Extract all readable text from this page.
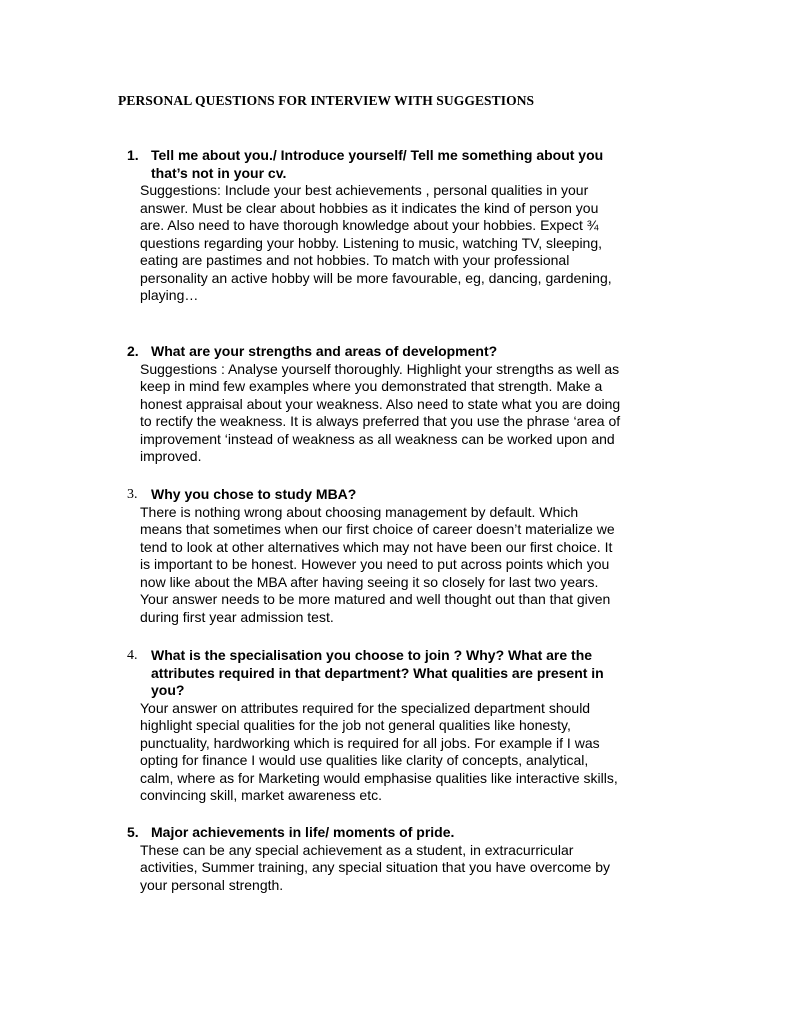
PERSONAL QUESTIONS FOR INTERVIEW WITH SUGGESTIONS
1. Tell me about you./ Introduce yourself/ Tell me something about you
that’s not in your cv.
Suggestions: Include your best achievements , personal qualities in your
answer. Must be clear about hobbies as it indicates the kind of person you
are. Also need to have thorough knowledge about your hobbies. Expect ¾
questions regarding your hobby. Listening to music, watching TV, sleeping,
eating are pastimes and not hobbies. To match with your professional
personality an active hobby will be more favourable, eg, dancing, gardening,
playing…
2. What are your strengths and areas of development?
Suggestions : Analyse yourself thoroughly. Highlight your strengths as well as
keep in mind few examples where you demonstrated that strength. Make a
honest appraisal about your weakness. Also need to state what you are doing
to rectify the weakness. It is always preferred that you use the phrase ‘area of
improvement ‘instead of weakness as all weakness can be worked upon and
improved.
3. Why you chose to study MBA?
There is nothing wrong about choosing management by default. Which
means that sometimes when our first choice of career doesn’t materialize we
tend to look at other alternatives which may not have been our first choice. It
is important to be honest. However you need to put across points which you
now like about the MBA after having seeing it so closely for last two years.
Your answer needs to be more matured and well thought out than that given
during first year admission test.
4. What is the specialisation you choose to join ? Why? What are the
attributes required in that department? What qualities are present in
you?
Your answer on attributes required for the specialized department should
highlight special qualities for the job not general qualities like honesty,
punctuality, hardworking which is required for all jobs. For example if I was
opting for finance I would use qualities like clarity of concepts, analytical,
calm, where as for Marketing would emphasise qualities like interactive skills,
convincing skill, market awareness etc.
5. Major achievements in life/ moments of pride.
These can be any special achievement as a student, in extracurricular
activities, Summer training, any special situation that you have overcome by
your personal strength.
